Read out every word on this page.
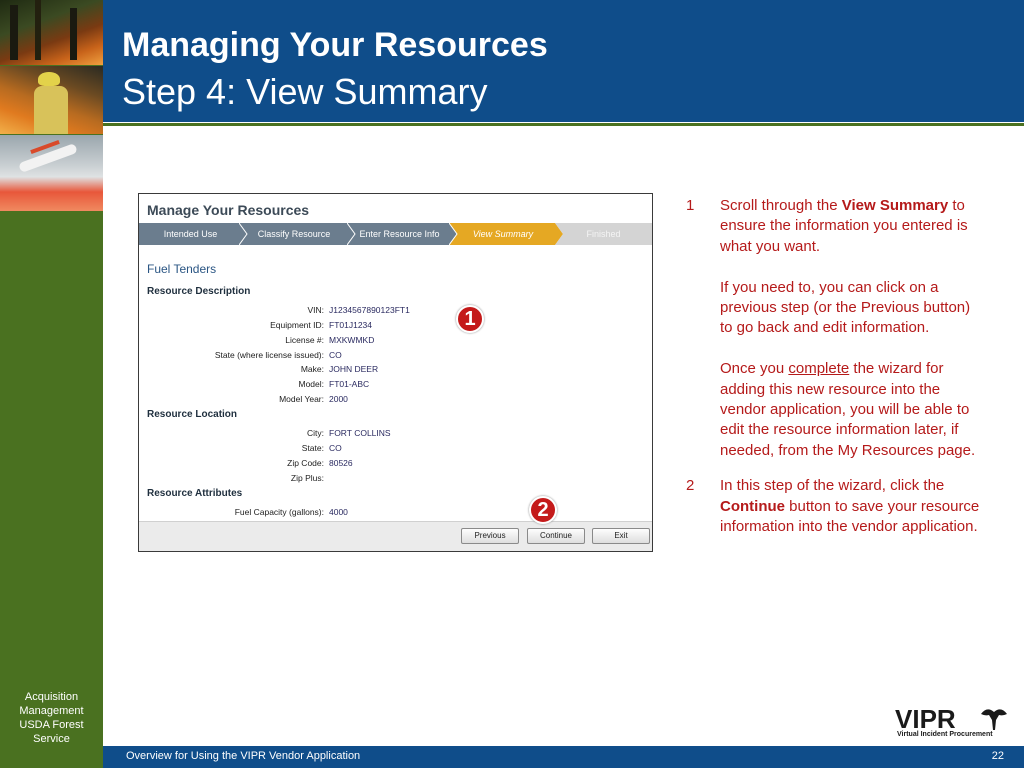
Acquisition
Management
USDA Forest
Service
Managing Your Resources
Step 4: View Summary
Manage Your Resources
Intended Use	Classify Resource	Enter Resource Info	View Summary	Finished
Fuel Tenders
Resource Description
VIN: J1234567890123FT1
Equipment ID: FT01J1234
License #: MXKWMKD
State (where license issued): CO
Make: JOHN DEER
Model: FT01-ABC
Model Year: 2000
Resource Location
City: FORT COLLINS
State: CO
Zip Code: 80526
Zip Plus:
Resource Attributes
Fuel Capacity (gallons): 4000
Previous	Continue	Exit
1
2
1 Scroll through the View Summary to ensure the information you entered is what you want.
If you need to, you can click on a previous step (or the Previous button) to go back and edit information.
Once you complete the wizard for adding this new resource into the vendor application, you will be able to edit the resource information later, if needed, from the My Resources page.
2 In this step of the wizard, click the Continue button to save your resource information into the vendor application.
VIPR
Virtual Incident Procurement
Overview for Using the VIPR Vendor Application	22
